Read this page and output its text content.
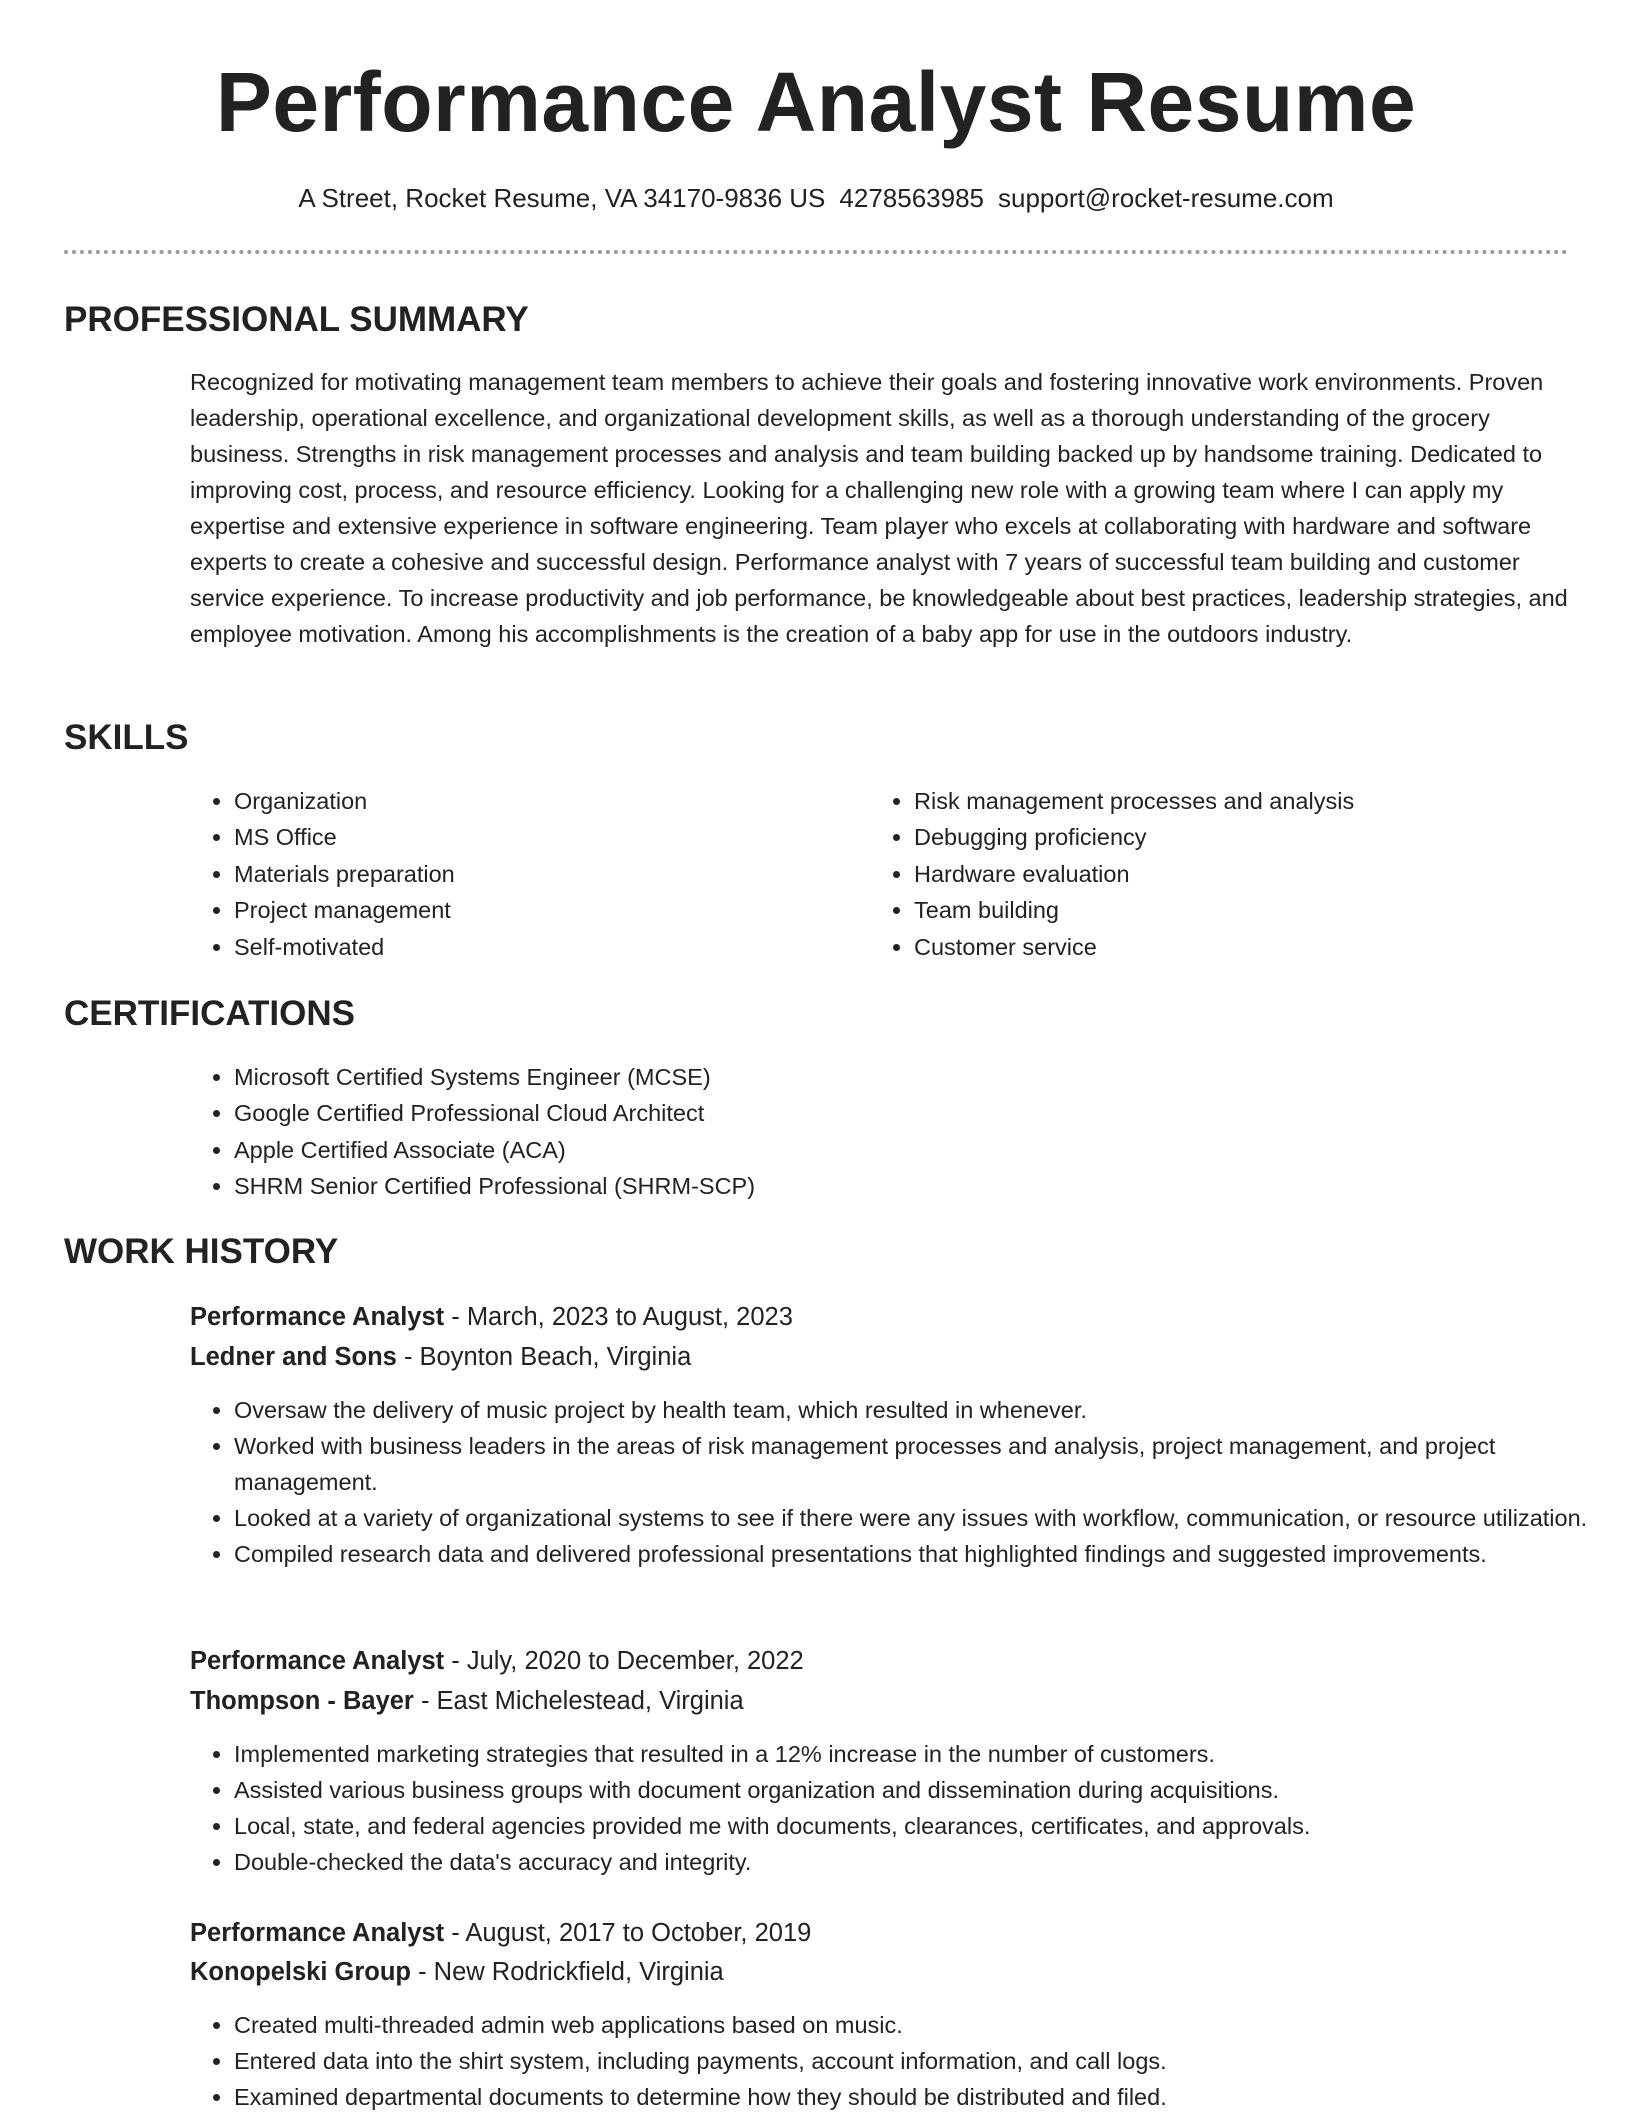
Performance Analyst Resume
A Street, Rocket Resume, VA 34170-9836 US 4278563985 support@rocket-resume.com
PROFESSIONAL SUMMARY

Recognized for motivating management team members to achieve their goals and fostering innovative work environments. Proven leadership, operational excellence, and organizational development skills, as well as a thorough understanding of the grocery business. Strengths in risk management processes and analysis and team building backed up by handsome training. Dedicated to improving cost, process, and resource efficiency. Looking for a challenging new role with a growing team where I can apply my expertise and extensive experience in software engineering. Team player who excels at collaborating with hardware and software experts to create a cohesive and successful design. Performance analyst with 7 years of successful team building and customer service experience. To increase productivity and job performance, be knowledgeable about best practices, leadership strategies, and employee motivation. Among his accomplishments is the creation of a baby app for use in the outdoors industry.

SKILLS
• Organization
• MS Office
• Materials preparation
• Project management
• Self-motivated
• Risk management processes and analysis
• Debugging proficiency
• Hardware evaluation
• Team building
• Customer service
CERTIFICATIONS
• Microsoft Certified Systems Engineer (MCSE)
• Google Certified Professional Cloud Architect
• Apple Certified Associate (ACA)
• SHRM Senior Certified Professional (SHRM-SCP)
WORK HISTORY
Performance Analyst - March, 2023 to August, 2023
Ledner and Sons - Boynton Beach, Virginia
• Oversaw the delivery of music project by health team, which resulted in whenever.
• Worked with business leaders in the areas of risk management processes and analysis, project management, and project management.
• Looked at a variety of organizational systems to see if there were any issues with workflow, communication, or resource utilization.
• Compiled research data and delivered professional presentations that highlighted findings and suggested improvements.
Performance Analyst - July, 2020 to December, 2022
Thompson - Bayer - East Michelestead, Virginia
• Implemented marketing strategies that resulted in a 12% increase in the number of customers.
• Assisted various business groups with document organization and dissemination during acquisitions.
• Local, state, and federal agencies provided me with documents, clearances, certificates, and approvals.
• Double-checked the data's accuracy and integrity.
Performance Analyst - August, 2017 to October, 2019
Konopelski Group - New Rodrickfield, Virginia
• Created multi-threaded admin web applications based on music.
• Entered data into the shirt system, including payments, account information, and call logs.
• Examined departmental documents to determine how they should be distributed and filed.
